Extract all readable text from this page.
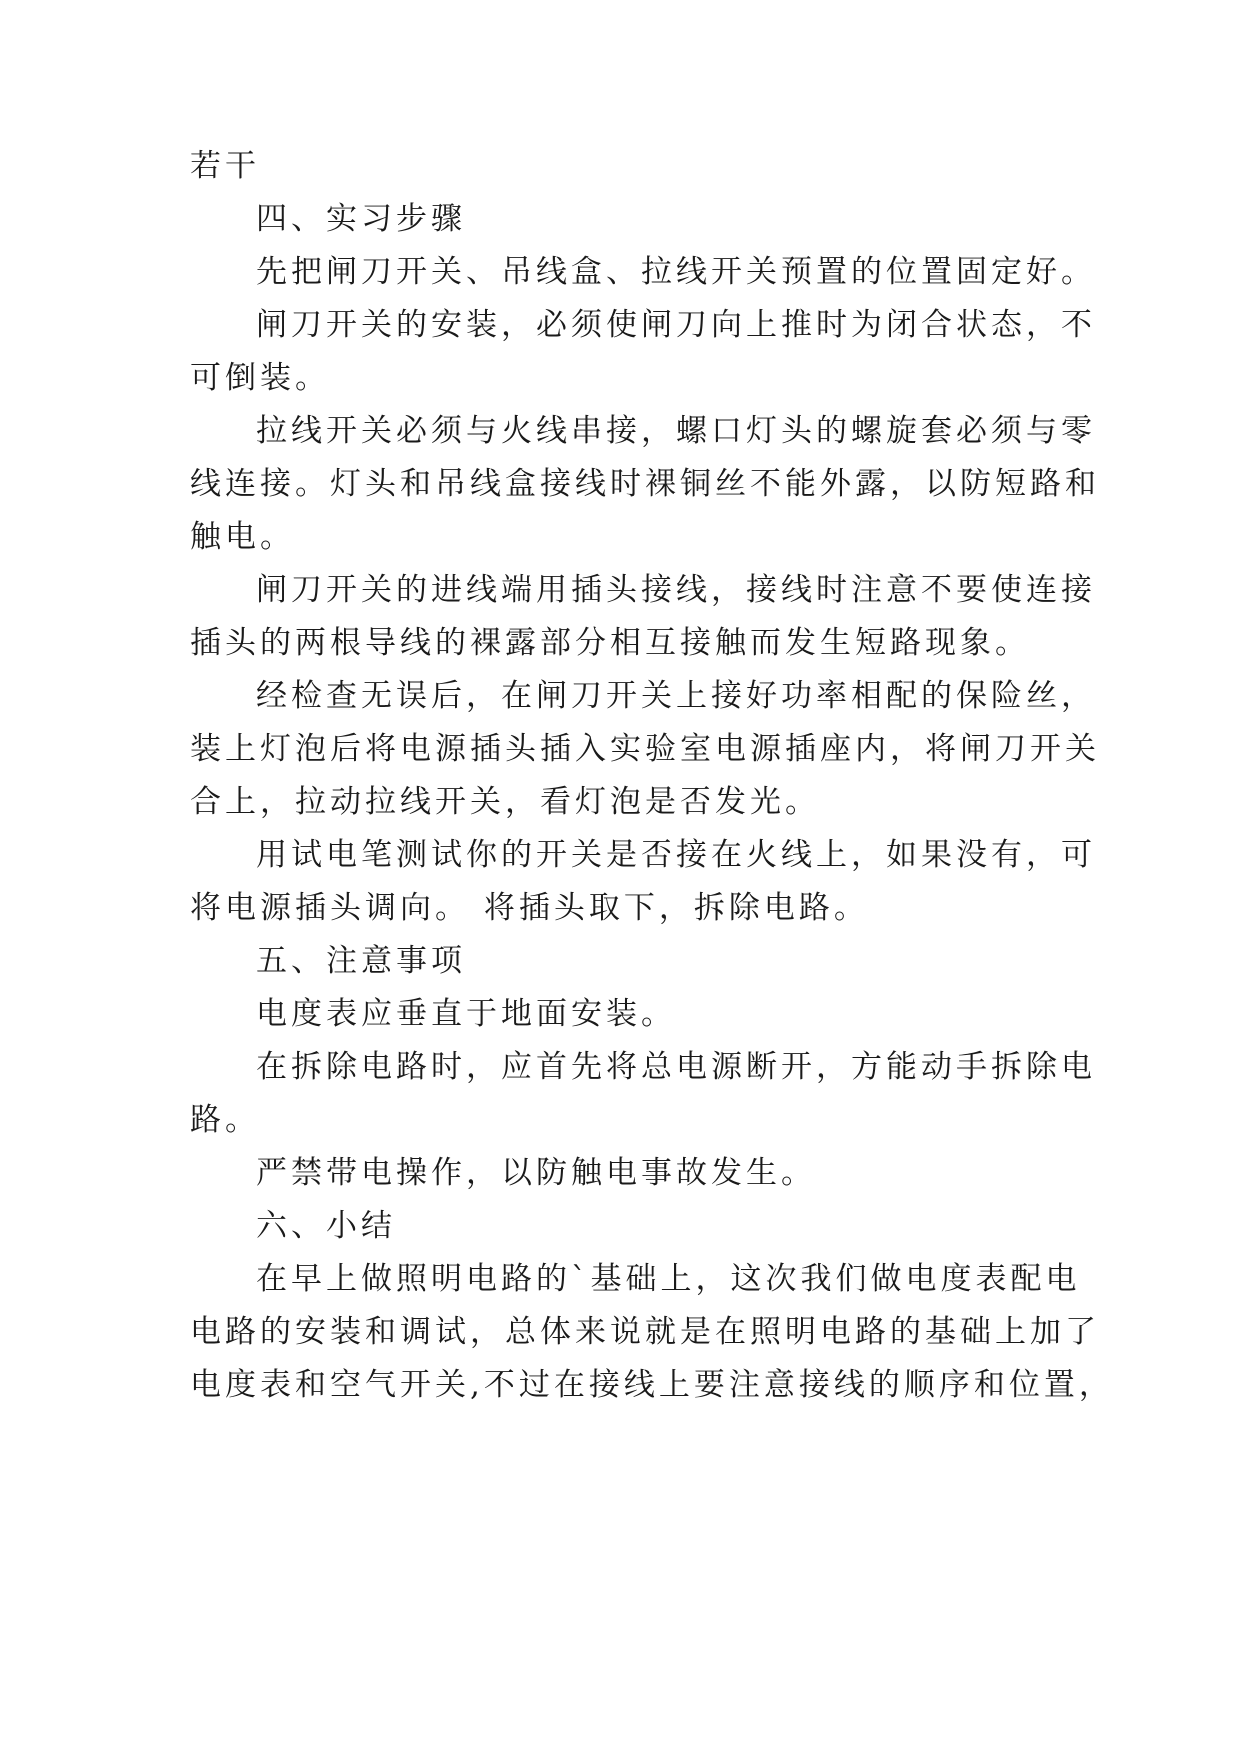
若干
四、实习步骤
先把闸刀开关、吊线盒、拉线开关预置的位置固定好。
闸刀开关的安装，必须使闸刀向上推时为闭合状态，不
可倒装。
拉线开关必须与火线串接，螺口灯头的螺旋套必须与零
线连接。灯头和吊线盒接线时裸铜丝不能外露，以防短路和
触电。
闸刀开关的进线端用插头接线，接线时注意不要使连接
插头的两根导线的裸露部分相互接触而发生短路现象。
经检查无误后，在闸刀开关上接好功率相配的保险丝，
装上灯泡后将电源插头插入实验室电源插座内，将闸刀开关
合上，拉动拉线开关，看灯泡是否发光。
用试电笔测试你的开关是否接在火线上，如果没有，可
将电源插头调向。 将插头取下，拆除电路。
五、注意事项
电度表应垂直于地面安装。
在拆除电路时，应首先将总电源断开，方能动手拆除电
路。
严禁带电操作，以防触电事故发生。
六、小结
在早上做照明电路的`基础上，这次我们做电度表配电
电路的安装和调试，总体来说就是在照明电路的基础上加了
电度表和空气开关,不过在接线上要注意接线的顺序和位置，
